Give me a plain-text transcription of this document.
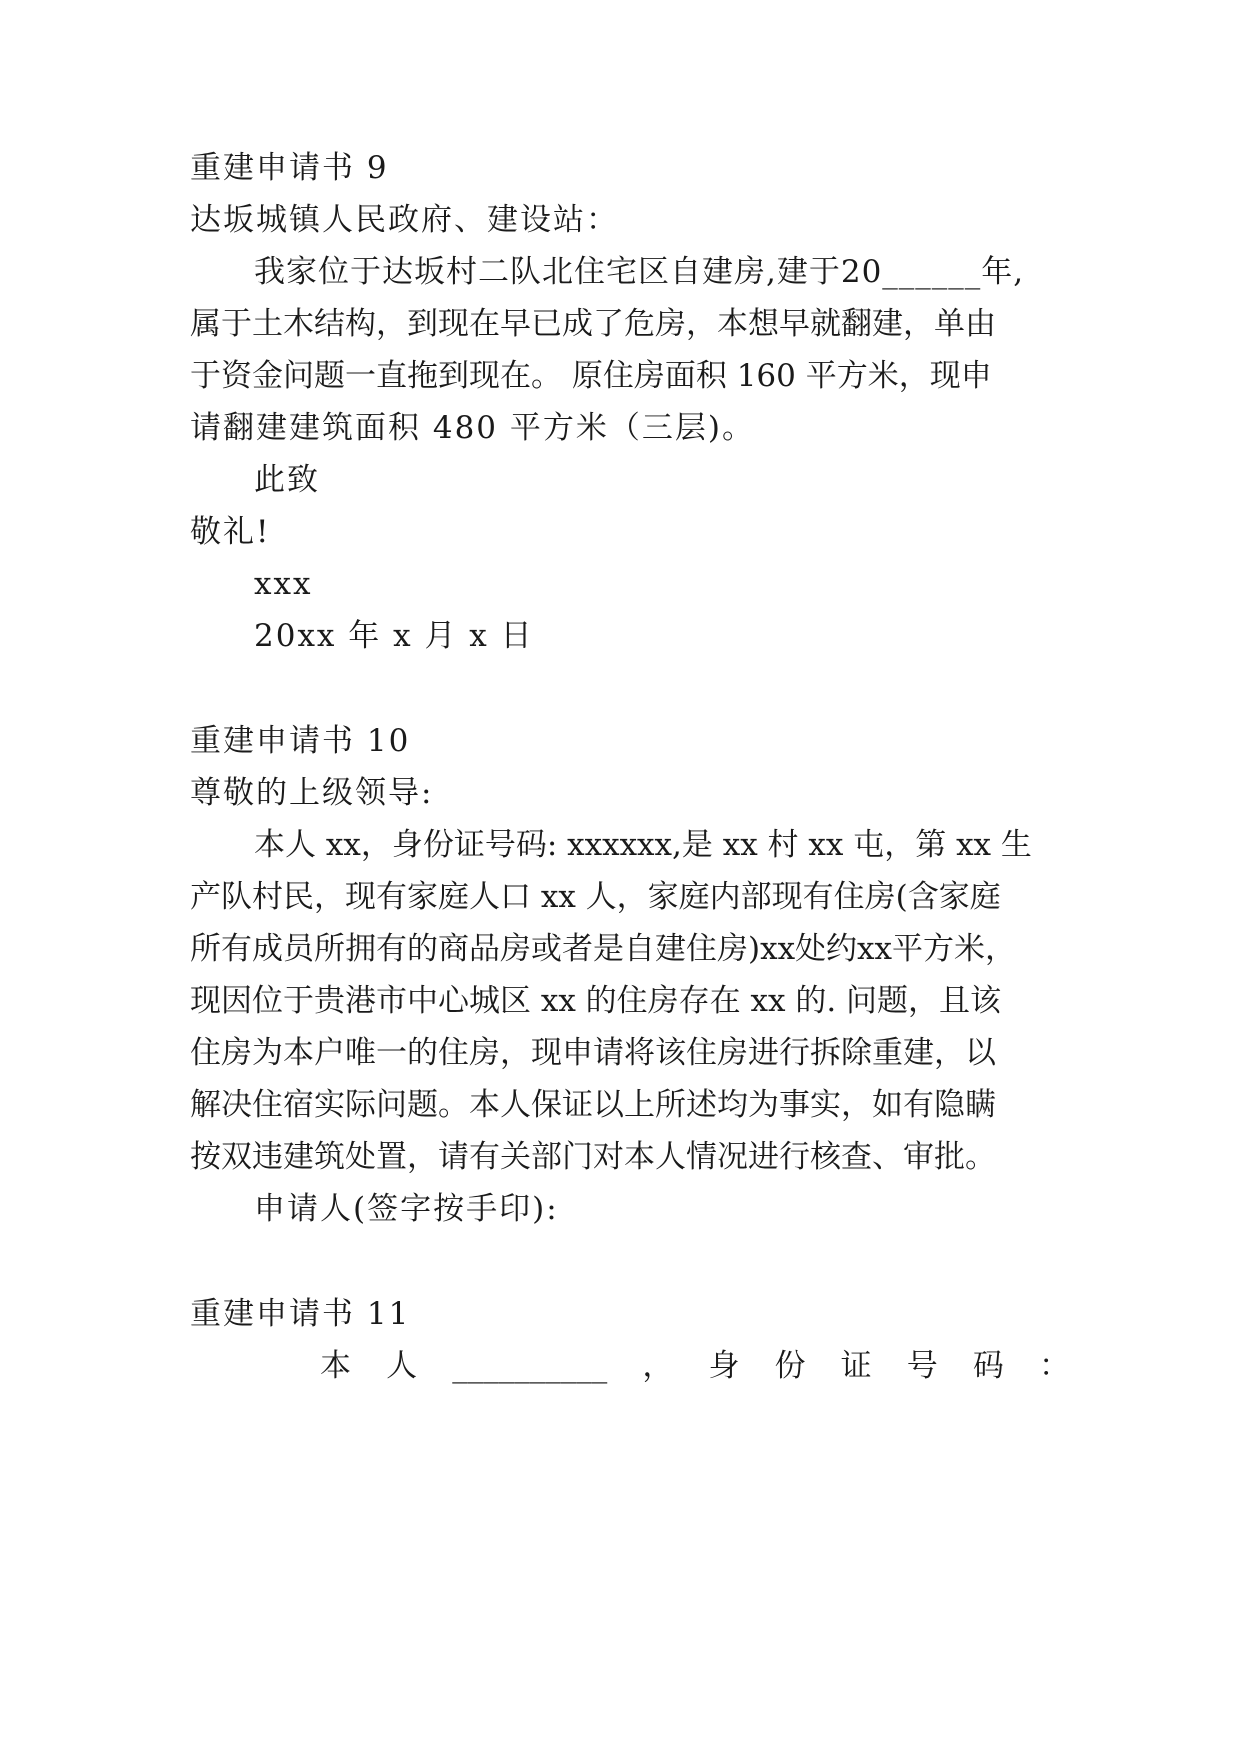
重建申请书 9
达坂城镇人民政府、建设站：
我家位于达坂村二队北住宅区自建房,建于20______年,
属于土木结构，到现在早已成了危房，本想早就翻建，单由
于资金问题一直拖到现在。 原住房面积 160 平方米，现申
请翻建建筑面积 480 平方米（三层)。
此致
敬礼!
xxx
20xx 年 x 月 x 日
重建申请书 10
尊敬的上级领导:
本人 xx，身份证号码: xxxxxx,是 xx 村 xx 屯，第 xx 生
产队村民，现有家庭人口 xx 人，家庭内部现有住房(含家庭
所有成员所拥有的商品房或者是自建住房)xx处约xx平方米，
现因位于贵港市中心城区 xx 的住房存在 xx 的. 问题，且该
住房为本户唯一的住房，现申请将该住房进行拆除重建，以
解决住宿实际问题。本人保证以上所述均为事实，如有隐瞒
按双违建筑处置，请有关部门对本人情况进行核查、审批。
申请人(签字按手印):
重建申请书 11
本 人 __________ ， 身 份 证 号 码 ：
